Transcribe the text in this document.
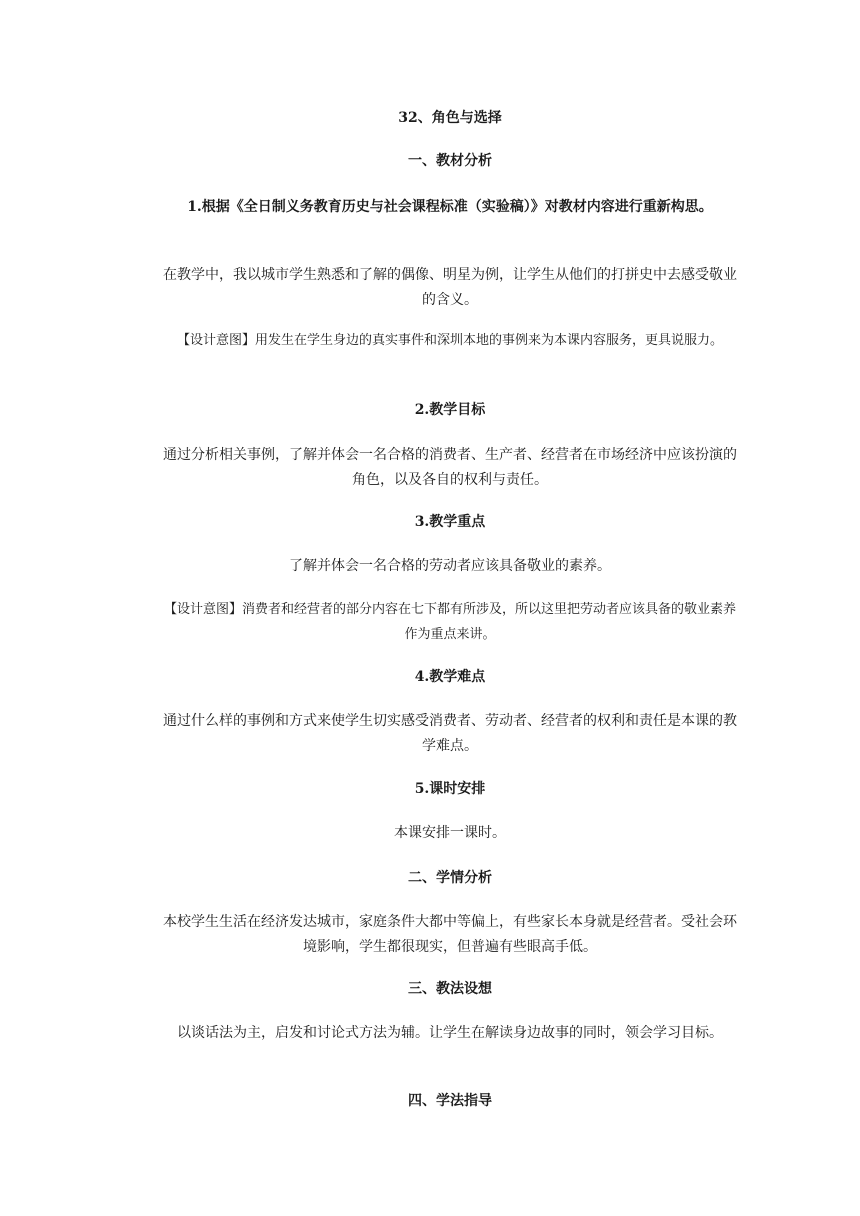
32、角色与选择
一、教材分析
1.根据《全日制义务教育历史与社会课程标准（实验稿）》对教材内容进行重新构思。
在教学中，我以城市学生熟悉和了解的偶像、明星为例，让学生从他们的打拼史中去感受敬业的含义。
【设计意图】用发生在学生身边的真实事件和深圳本地的事例来为本课内容服务，更具说服力。
2.教学目标
通过分析相关事例，了解并体会一名合格的消费者、生产者、经营者在市场经济中应该扮演的角色，以及各自的权利与责任。
3.教学重点
了解并体会一名合格的劳动者应该具备敬业的素养。
【设计意图】消费者和经营者的部分内容在七下都有所涉及，所以这里把劳动者应该具备的敬业素养作为重点来讲。
4.教学难点
通过什么样的事例和方式来使学生切实感受消费者、劳动者、经营者的权利和责任是本课的教学难点。
5.课时安排
本课安排一课时。
二、学情分析
本校学生生活在经济发达城市，家庭条件大都中等偏上，有些家长本身就是经营者。受社会环境影响，学生都很现实，但普遍有些眼高手低。
三、教法设想
以谈话法为主，启发和讨论式方法为辅。让学生在解读身边故事的同时，领会学习目标。
四、学法指导
